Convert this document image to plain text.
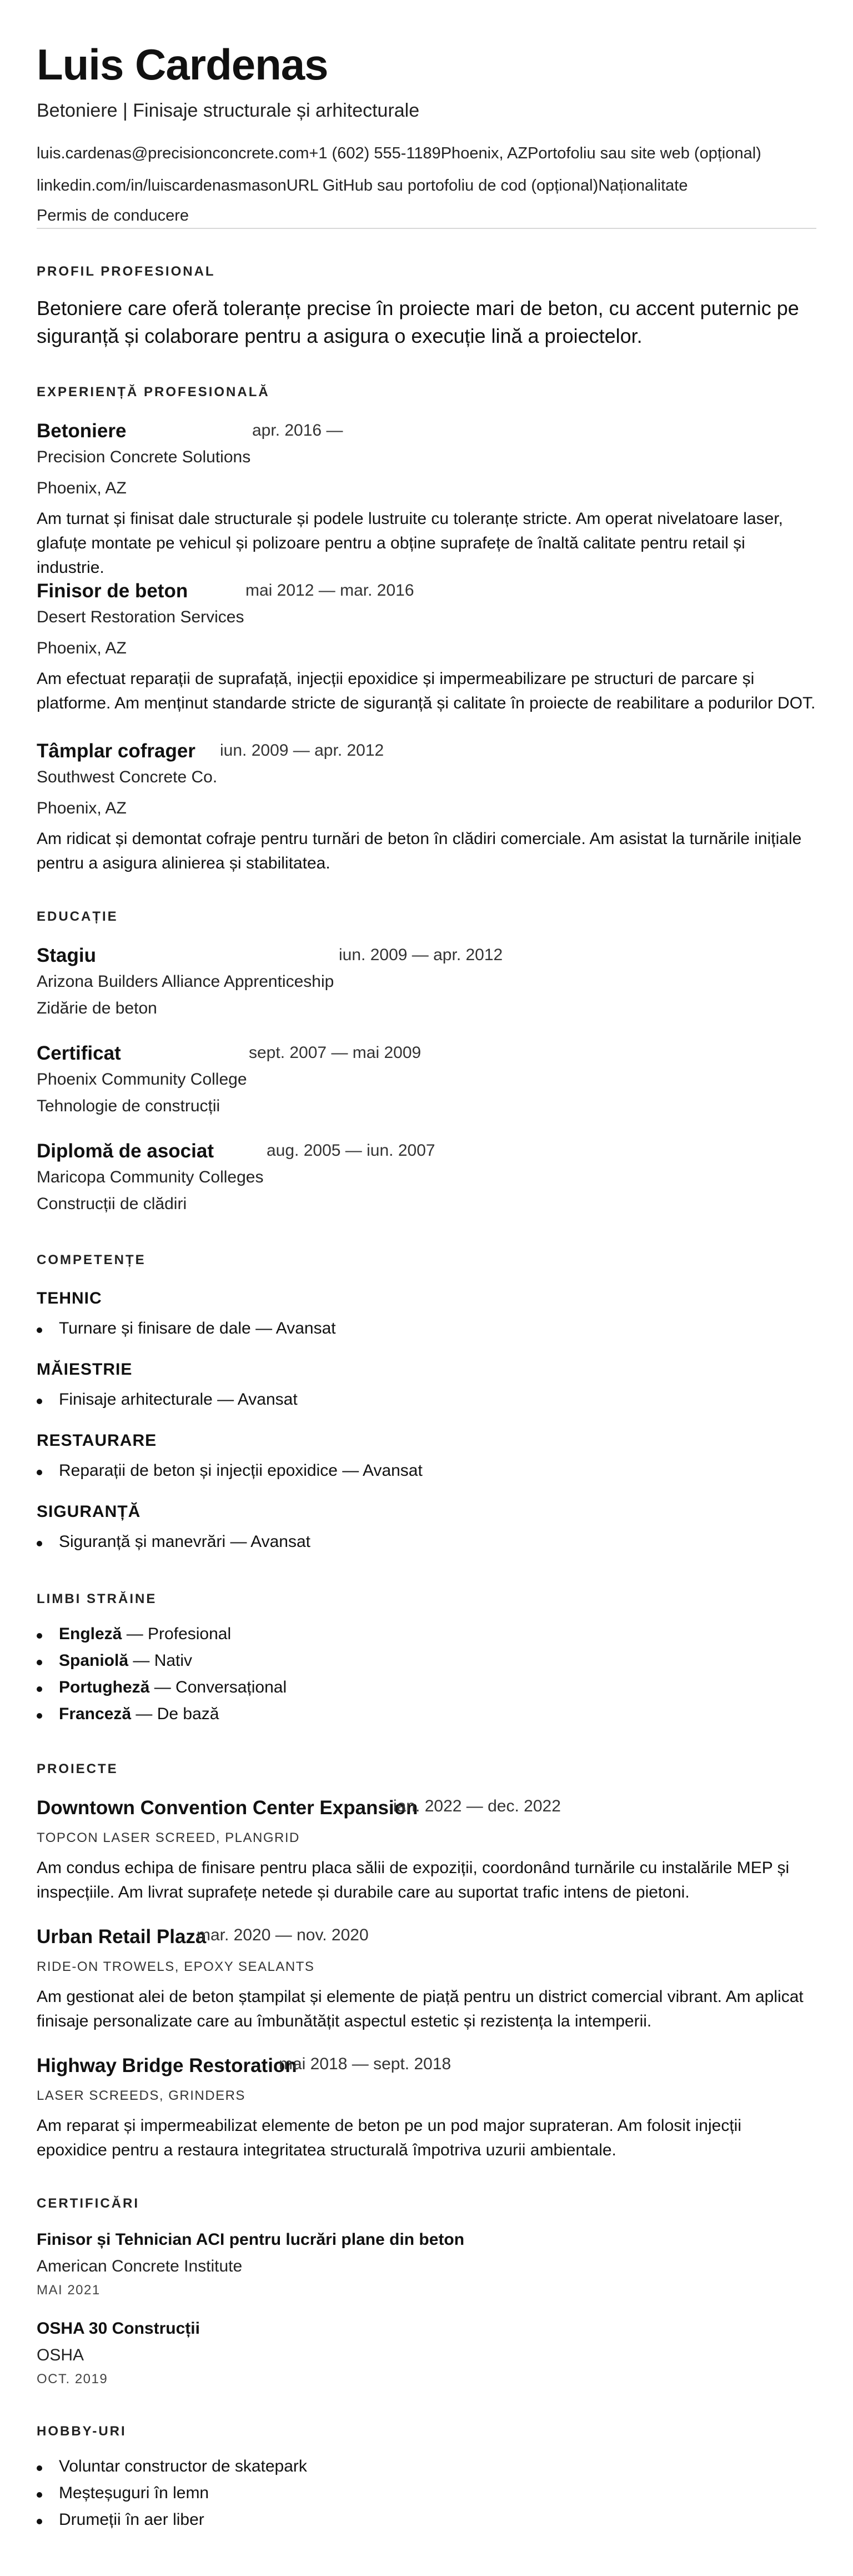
Luis Cardenas
Betoniere | Finisaje structurale și arhitecturale
luis.cardenas@precisionconcrete.com+1 (602) 555-1189Phoenix, AZPortofoliu sau site web (opțional)
linkedin.com/in/luiscardenasmasonURL GitHub sau portofoliu de cod (opțional)Naționalitate
Permis de conducere
PROFIL PROFESIONAL
Betoniere care oferă toleranțe precise în proiecte mari de beton, cu accent puternic pe siguranță și colaborare pentru a asigura o execuție lină a proiectelor.
EXPERIENȚĂ PROFESIONALĂ
Betoniere	apr. 2016 —
Precision Concrete Solutions
Phoenix, AZ
Am turnat și finisat dale structurale și podele lustruite cu toleranțe stricte. Am operat nivelatoare laser, glafuțe montate pe vehicul și polizoare pentru a obține suprafețe de înaltă calitate pentru retail și industrie.
Finisor de beton	mai 2012 — mar. 2016
Desert Restoration Services
Phoenix, AZ
Am efectuat reparații de suprafață, injecții epoxidice și impermeabilizare pe structuri de parcare și platforme. Am menținut standarde stricte de siguranță și calitate în proiecte de reabilitare a podurilor DOT.
Tâmplar cofrager iun. 2009 — apr. 2012
Southwest Concrete Co.
Phoenix, AZ
Am ridicat și demontat cofraje pentru turnări de beton în clădiri comerciale. Am asistat la turnările inițiale pentru a asigura alinierea și stabilitatea.
EDUCAȚIE
Stagiu	iun. 2009 — apr. 2012
Arizona Builders Alliance Apprenticeship
Zidărie de beton
Certificat	sept. 2007 — mai 2009
Phoenix Community College
Tehnologie de construcții
Diplomă de asociat	aug. 2005 — iun. 2007
Maricopa Community Colleges
Construcții de clădiri
COMPETENȚE
TEHNIC
Turnare și finisare de dale — Avansat
MĂIESTRIE
Finisaje arhitecturale — Avansat
RESTAURARE
Reparații de beton și injecții epoxidice — Avansat
SIGURANȚĂ
Siguranță și manevrări — Avansat
LIMBI STRĂINE
Engleză — Profesional
Spaniolă — Nativ
Portugheză — Conversațional
Franceză — De bază
PROIECTE
Downtown Convention Center Expansion
ian. 2022 — dec. 2022
TOPCON LASER SCREED, PLANGRID
Am condus echipa de finisare pentru placa sălii de expoziții, coordonând turnările cu instalările MEP și inspecțiile. Am livrat suprafețe netede și durabile care au suportat trafic intens de pietoni.
Urban Retail Plaza
mar. 2020 — nov. 2020
RIDE-ON TROWELS, EPOXY SEALANTS
Am gestionat alei de beton ștampilat și elemente de piață pentru un district comercial vibrant. Am aplicat finisaje personalizate care au îmbunătățit aspectul estetic și rezistența la intemperii.
Highway Bridge Restoration
mai 2018 — sept. 2018
LASER SCREEDS, GRINDERS
Am reparat și impermeabilizat elemente de beton pe un pod major suprateran. Am folosit injecții epoxidice pentru a restaura integritatea structurală împotriva uzurii ambientale.
CERTIFICĂRI
Finisor și Tehnician ACI pentru lucrări plane din beton
American Concrete Institute
MAI 2021
OSHA 30 Construcții
OSHA
OCT. 2019
HOBBY-URI
Voluntar constructor de skatepark
Meșteșuguri în lemn
Drumeții în aer liber
